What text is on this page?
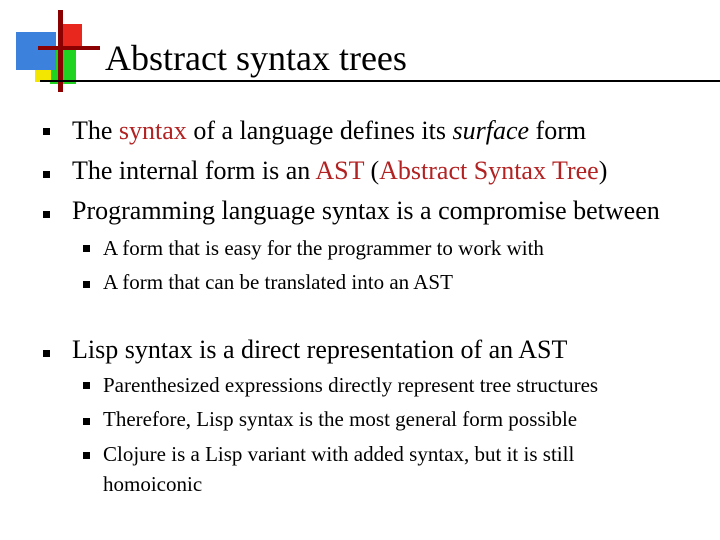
Abstract syntax trees
The syntax of a language defines its surface form
The internal form is an AST (Abstract Syntax Tree)
Programming language syntax is a compromise between
A form that is easy for the programmer to work with
A form that can be translated into an AST
Lisp syntax is a direct representation of an AST
Parenthesized expressions directly represent tree structures
Therefore, Lisp syntax is the most general form possible
Clojure is a Lisp variant with added syntax, but it is still
homoiconic
